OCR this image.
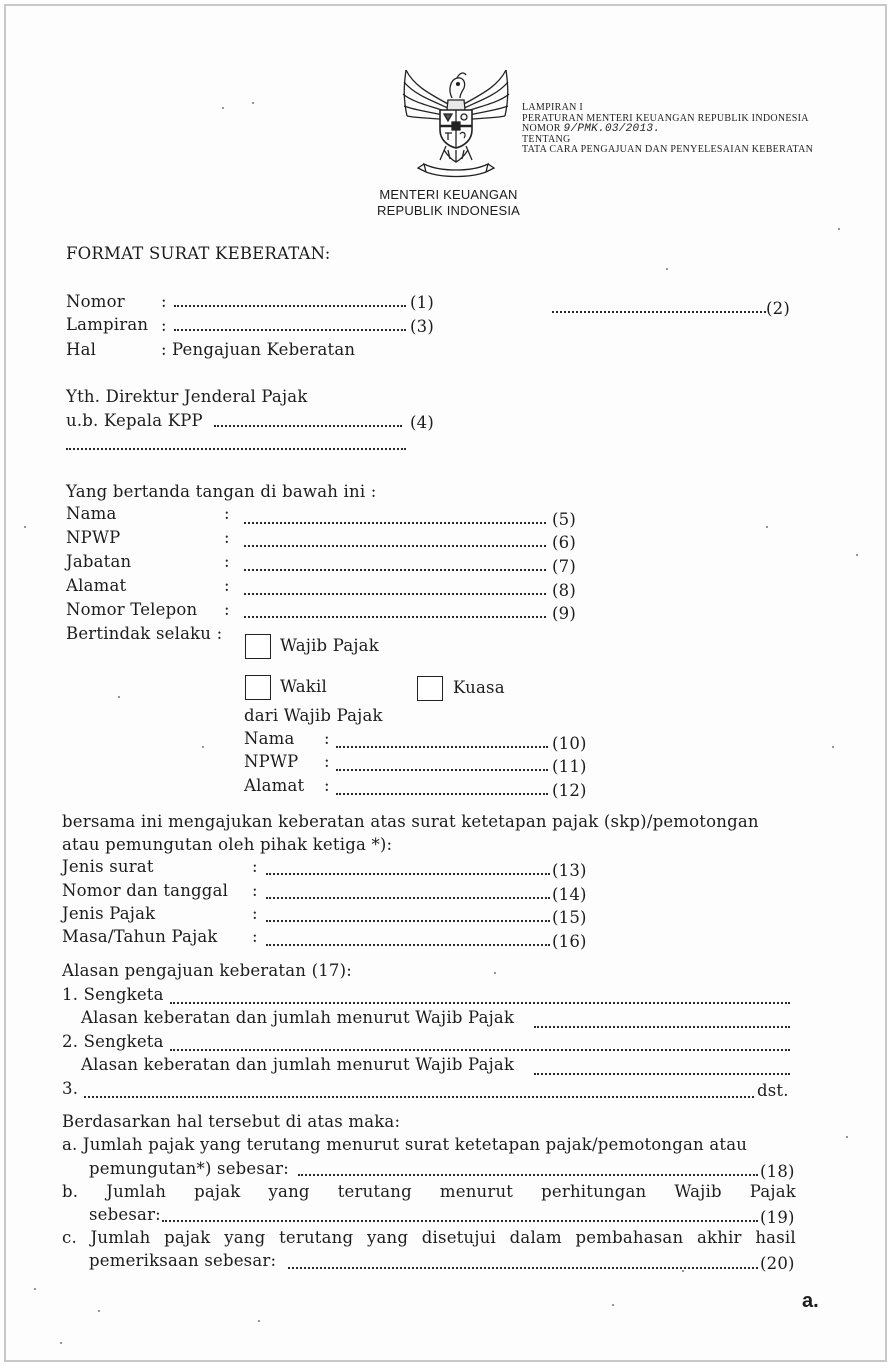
LAMPIRAN I
PERATURAN MENTERI KEUANGAN REPUBLIK INDONESIA
NOMOR 9/PMK.03/2013.
TENTANG
TATA CARA PENGAJUAN DAN PENYELESAIAN KEBERATAN
MENTERI KEUANGAN
REPUBLIK INDONESIA
FORMAT SURAT KEBERATAN:
Nomor :	(1)	(2)
Lampiran :	(3)
Hal	: Pengajuan Keberatan
Yth. Direktur Jenderal Pajak
u.b. Kepala KPP	(4)
Yang bertanda tangan di bawah ini :
Nama	:	(5)
NPWP	:	(6)
Jabatan	:	(7)
Alamat	:	(8)
Nomor Telepon :	(9)
Bertindak selaku :
Wajib Pajak
Wakil	Kuasa
dari Wajib Pajak
Nama :	(10)
NPWP :	(11)
Alamat :	(12)
bersama ini mengajukan keberatan atas surat ketetapan pajak (skp)/pemotongan
atau pemungutan oleh pihak ketiga *):
Jenis surat	:	(13)
Nomor dan tanggal :	(14)
Jenis Pajak	:	(15)
Masa/Tahun Pajak :	(16)
Alasan pengajuan keberatan (17):
1. Sengketa
Alasan keberatan dan jumlah menurut Wajib Pajak
2. Sengketa
Alasan keberatan dan jumlah menurut Wajib Pajak
3.	dst.
Berdasarkan hal tersebut di atas maka:
a. Jumlah pajak yang terutang menurut surat ketetapan pajak/pemotongan atau
pemungutan*) sebesar:	(18)
b. Jumlah pajak yang terutang menurut perhitungan Wajib Pajak
sebesar:	(19)
c. Jumlah pajak yang terutang yang disetujui dalam pembahasan akhir hasil
pemeriksaan sebesar:	(20)
a.
